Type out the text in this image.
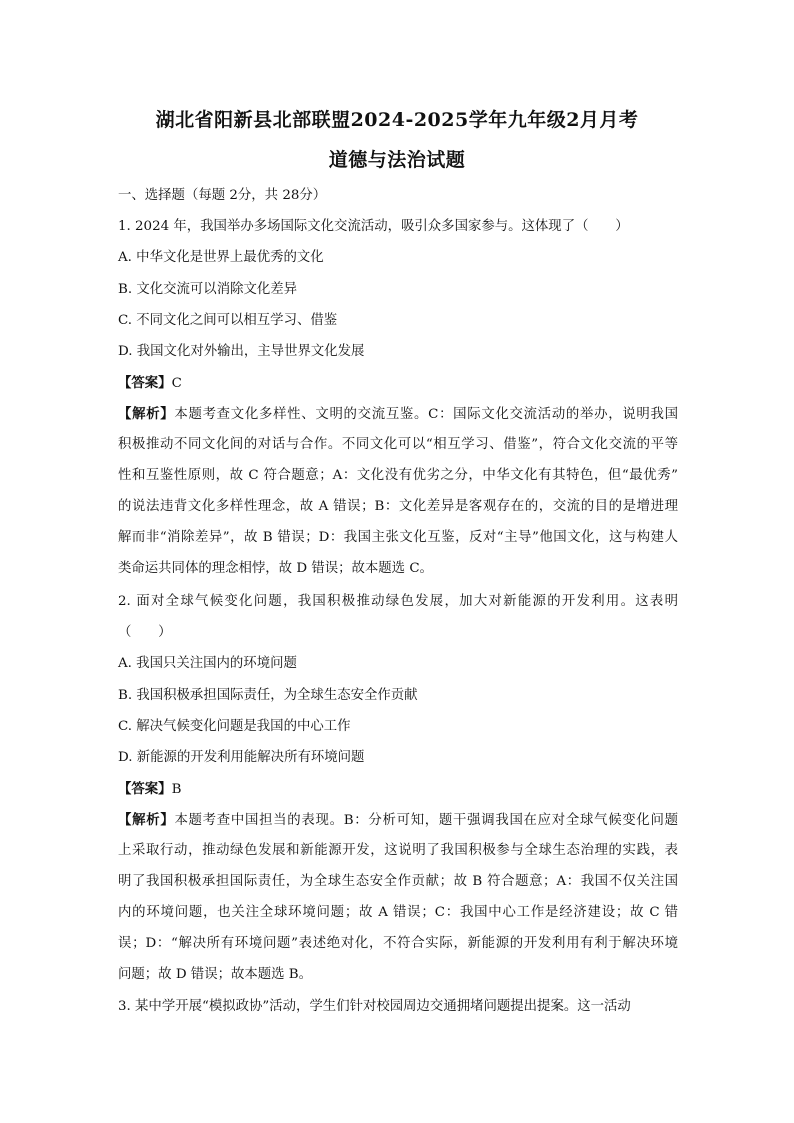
湖北省阳新县北部联盟2024-2025学年九年级2月月考
道德与法治试题
一、选择题（每题 2分，共 28分）
1. 2024 年，我国举办多场国际文化交流活动，吸引众多国家参与。这体现了（　　）
A. 中华文化是世界上最优秀的文化
B. 文化交流可以消除文化差异
C. 不同文化之间可以相互学习、借鉴
D. 我国文化对外输出，主导世界文化发展
【答案】C
【解析】本题考查文化多样性、文明的交流互鉴。C：国际文化交流活动的举办，说明我国
积极推动不同文化间的对话与合作。不同文化可以“相互学习、借鉴”，符合文化交流的平等
性和互鉴性原则，故 C 符合题意；A：文化没有优劣之分，中华文化有其特色，但“最优秀”
的说法违背文化多样性理念，故 A 错误；B：文化差异是客观存在的，交流的目的是增进理
解而非“消除差异”，故 B 错误；D：我国主张文化互鉴，反对“主导”他国文化，这与构建人
类命运共同体的理念相悖，故 D 错误；故本题选 C。
2. 面对全球气候变化问题，我国积极推动绿色发展，加大对新能源的开发利用。这表明
（　　）
A. 我国只关注国内的环境问题
B. 我国积极承担国际责任，为全球生态安全作贡献
C. 解决气候变化问题是我国的中心工作
D. 新能源的开发利用能解决所有环境问题
【答案】B
【解析】本题考查中国担当的表现。B：分析可知，题干强调我国在应对全球气候变化问题
上采取行动，推动绿色发展和新能源开发，这说明了我国积极参与全球生态治理的实践，表
明了我国积极承担国际责任，为全球生态安全作贡献；故 B 符合题意；A：我国不仅关注国
内的环境问题，也关注全球环境问题；故 A 错误；C：我国中心工作是经济建设；故 C 错
误；D：“解决所有环境问题”表述绝对化，不符合实际，新能源的开发利用有利于解决环境
问题；故 D 错误；故本题选 B。
3. 某中学开展“模拟政协”活动，学生们针对校园周边交通拥堵问题提出提案。这一活动
